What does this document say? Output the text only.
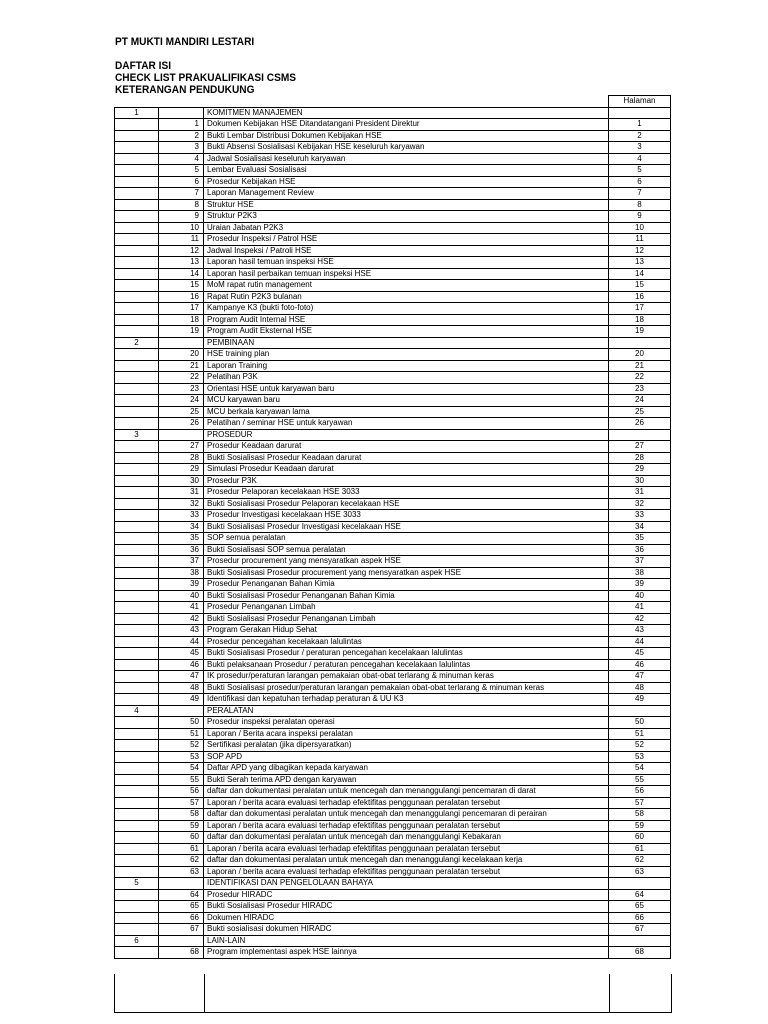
PT MUKTI MANDIRI LESTARI
DAFTAR ISI
CHECK LIST PRAKUALIFIKASI CSMS
KETERANGAN PENDUKUNG
			Halaman
1		KOMITMEN MANAJEMEN	
	1	Dokumen Kebijakan HSE Ditandatangani President Direktur	1
	2	Bukti Lembar Distribusi Dokumen Kebijakan HSE	2
	3	Bukti Absensi Sosialisasi Kebijakan HSE keseluruh karyawan	3
	4	Jadwal Sosialisasi keseluruh karyawan	4
	5	Lembar Evaluasi Sosialisasi	5
	6	Prosedur Kebijakan HSE	6
	7	Laporan Management Review	7
	8	Struktur HSE	8
	9	Struktur P2K3	9
	10	Uraian Jabatan P2K3	10
	11	Prosedur Inspeksi / Patrol HSE	11
	12	Jadwal Inspeksi / Patroli HSE	12
	13	Laporan hasil temuan inspeksi HSE	13
	14	Laporan hasil perbaikan temuan inspeksi HSE	14
	15	MoM rapat rutin management	15
	16	Rapat Rutin P2K3 bulanan	16
	17	Kampanye K3 (bukti foto-foto)	17
	18	Program Audit Internal HSE	18
	19	Program Audit Eksternal HSE	19
2		PEMBINAAN	
	20	HSE training plan	20
	21	Laporan Training	21
	22	Pelatihan P3K	22
	23	Orientasi HSE untuk karyawan baru	23
	24	MCU karyawan baru	24
	25	MCU berkala karyawan lama	25
	26	Pelatihan / seminar HSE untuk karyawan	26
3		PROSEDUR	
	27	Prosedur Keadaan darurat	27
	28	Bukti Sosialisasi Prosedur Keadaan darurat	28
	29	Simulasi Prosedur Keadaan darurat	29
	30	Prosedur P3K	30
	31	Prosedur Pelaporan kecelakaan HSE 3033	31
	32	Bukti Sosialisasi Prosedur Pelaporan kecelakaan HSE	32
	33	Prosedur Investigasi kecelakaan HSE 3033	33
	34	Bukti Sosialisasi Prosedur Investigasi kecelakaan HSE	34
	35	SOP semua peralatan	35
	36	Bukti Sosialisasi SOP semua peralatan	36
	37	Prosedur procurement yang mensyaratkan aspek HSE	37
	38	Bukti Sosialisasi Prosedur procurement yang mensyaratkan aspek HSE	38
	39	Prosedur Penanganan Bahan Kimia	39
	40	Bukti Sosialisasi Prosedur Penanganan Bahan Kimia	40
	41	Prosedur Penanganan Limbah	41
	42	Bukti Sosialisasi Prosedur Penanganan Limbah	42
	43	Program Gerakan Hidup Sehat	43
	44	Prosedur pencegahan kecelakaan lalulintas	44
	45	Bukti Sosialisasi Prosedur / peraturan pencegahan kecelakaan lalulintas	45
	46	Bukti pelaksanaan Prosedur / peraturan pencegahan kecelakaan lalulintas	46
	47	IK prosedur/peraturan larangan pemakaian obat-obat terlarang & minuman keras	47
	48	Bukti Sosialisasi prosedur/peraturan larangan pemakaian obat-obat terlarang & minuman keras	48
	49	Identifikasi dan kepatuhan terhadap peraturan & UU K3	49
4		PERALATAN	
	50	Prosedur inspeksi peralatan operasi	50
	51	Laporan / Berita acara inspeksi peralatan	51
	52	Sertifikasi peralatan (jika dipersyaratkan)	52
	53	SOP APD	53
	54	Daftar APD yang dibagikan kepada karyawan	54
	55	Bukti Serah terima APD dengan karyawan	55
	56	daftar dan dokumentasi peralatan untuk mencegah dan menanggulangi pencemaran di darat	56
	57	Laporan / berita acara evaluasi terhadap efektifitas penggunaan peralatan tersebut	57
	58	daftar dan dokumentasi peralatan untuk mencegah dan menanggulangi pencemaran di perairan	58
	59	Laporan / berita acara evaluasi terhadap efektifitas penggunaan peralatan tersebut	59
	60	daftar dan dokumentasi peralatan untuk mencegah dan menanggulangi Kebakaran	60
	61	Laporan / berita acara evaluasi terhadap efektifitas penggunaan peralatan tersebut	61
	62	daftar dan dokumentasi peralatan untuk mencegah dan menanggulangi kecelakaan kerja	62
	63	Laporan / berita acara evaluasi terhadap efektifitas penggunaan peralatan tersebut	63
5		IDENTIFIKASI DAN PENGELOLAAN BAHAYA	
	64	Prosedur HIRADC	64
	65	Bukti Sosialisasi Prosedur HIRADC	65
	66	Dokumen HIRADC	66
	67	Bukti sosialisasi dokumen HIRADC	67
6		LAIN-LAIN	
	68	Program implementasi aspek HSE lainnya	68
